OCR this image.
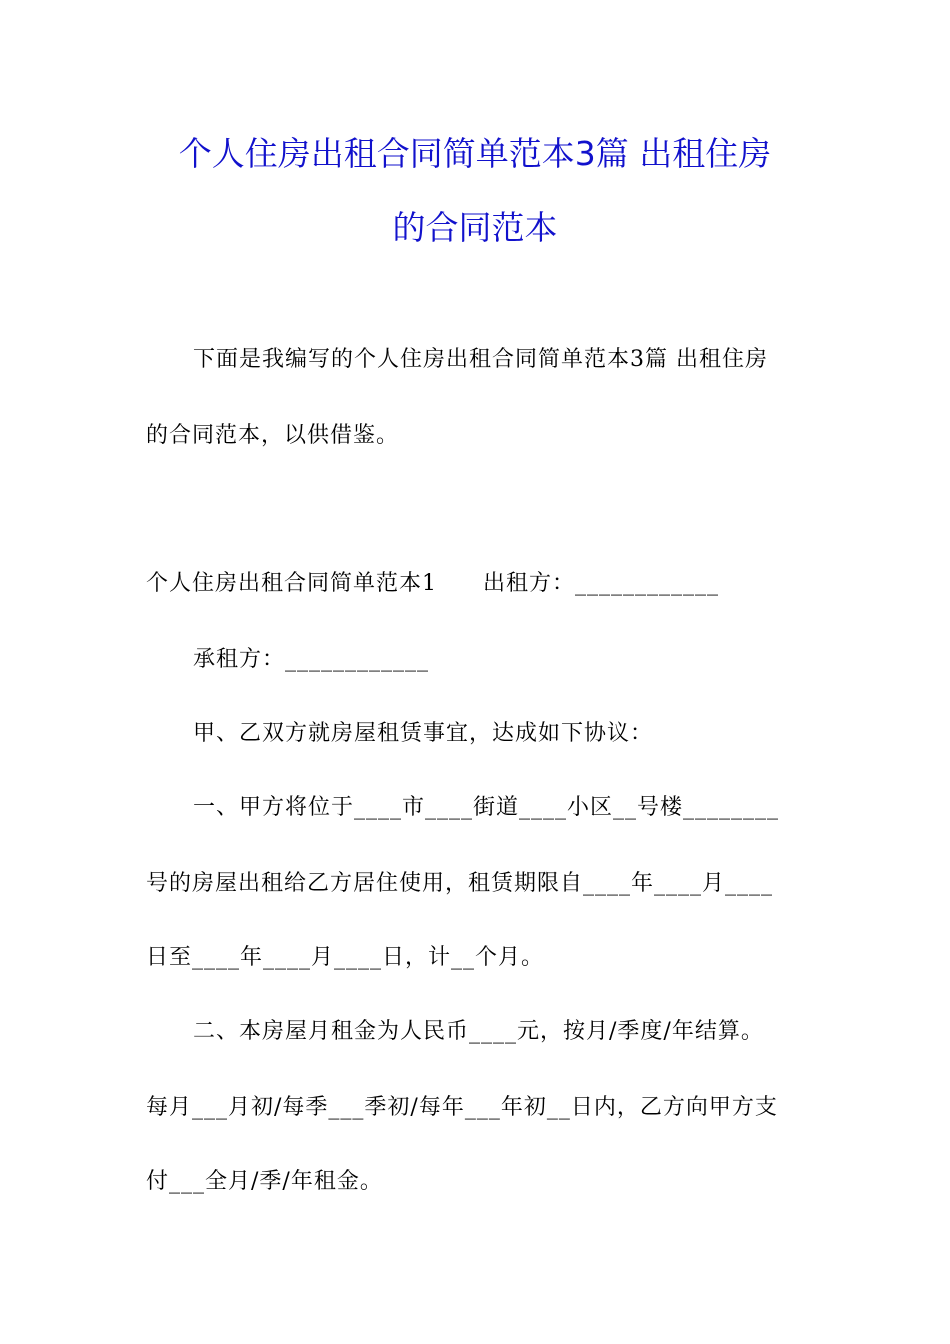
个人住房出租合同简单范本3篇 出租住房
的合同范本
下面是我编写的个人住房出租合同简单范本3篇 出租住房
的合同范本，以供借鉴。
个人住房出租合同简单范本1　　出租方：____________
承租方：____________
甲、乙双方就房屋租赁事宜，达成如下协议：
一、甲方将位于____市____街道____小区__号楼________
号的房屋出租给乙方居住使用，租赁期限自____年____月____
日至____年____月____日，计__个月。
二、本房屋月租金为人民币____元，按月/季度/年结算。
每月___月初/每季___季初/每年___年初__日内，乙方向甲方支
付___全月/季/年租金。
